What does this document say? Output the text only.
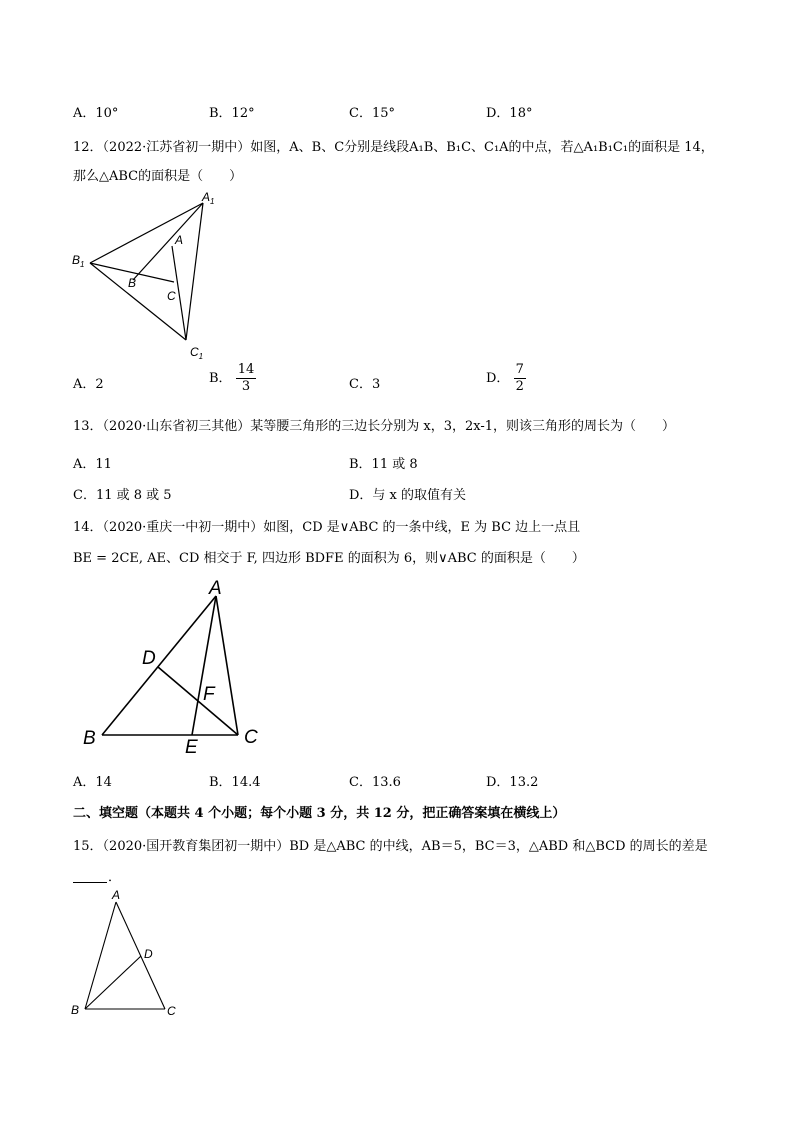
A．10°	B．12°	C．15°	D．18°
12．（2022·江苏省初一期中）如图，A、B、C分别是线段A₁B、B₁C、C₁A的中点，若△A₁B₁C₁的面积是 14，
那么△ABC的面积是（　　）
$A_1$
$B_1$
$C_1$
A
B
C
A．2	B． $\frac{14}{3}$	C．3	D． $\frac{7}{2}$
13．（2020·山东省初三其他）某等腰三角形的三边长分别为 x，3，2x-1，则该三角形的周长为（　　）
A．11	B．11 或 8
C．11 或 8 或 5	D．与 x 的取值有关
14．（2020·重庆一中初一期中）如图，CD 是∨ABC 的一条中线，E 为 BC 边上一点且
BE = 2CE, AE、CD 相交于 F, 四边形 BDFE 的面积为 6，则∨ABC 的面积是（　　）
A
B	C
D
E
F
A．14	B．14.4	C．13.6	D．13.2
二、填空题（本题共 4 个小题；每个小题 3 分，共 12 分，把正确答案填在横线上）
15．（2020·国开教育集团初一期中）BD 是△ABC 的中线，AB＝5，BC＝3，△ABD 和△BCD 的周长的差是
．
A
B	C
D
